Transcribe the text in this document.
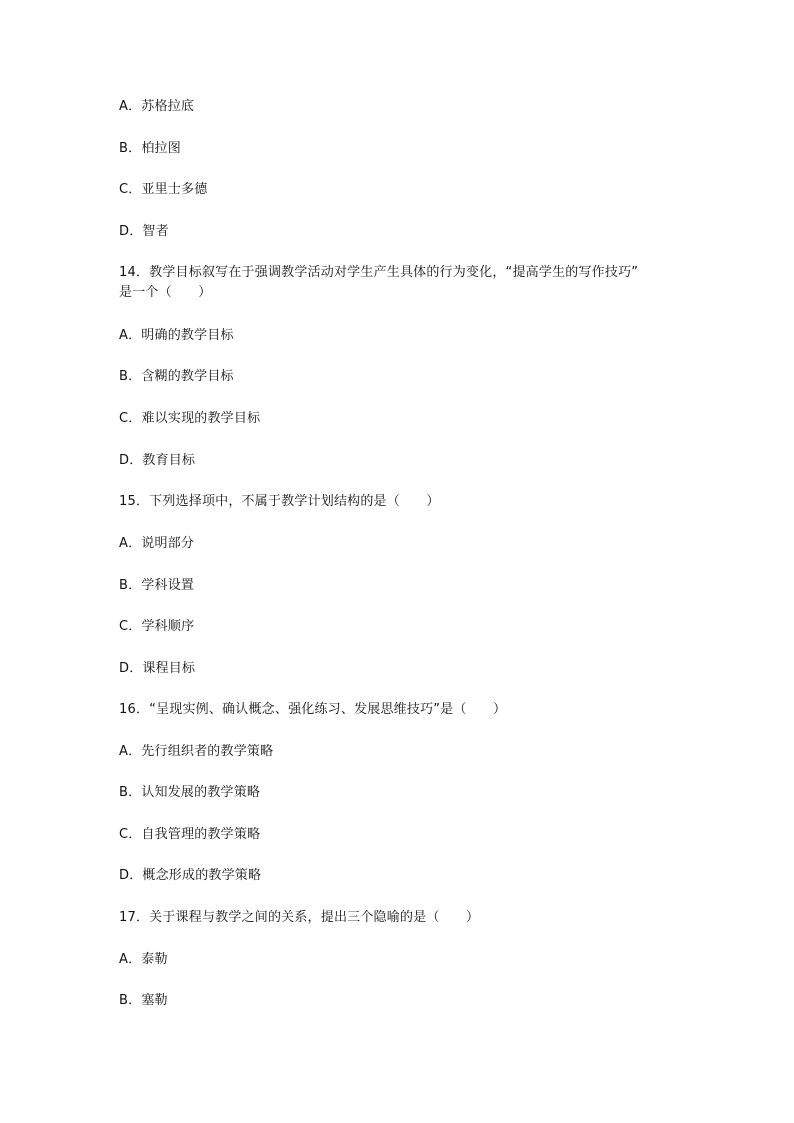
A．苏格拉底
B．柏拉图
C．亚里士多德
D．智者
14．教学目标叙写在于强调教学活动对学生产生具体的行为变化，“提高学生的写作技巧”
是一个（　　）
A．明确的教学目标
B．含糊的教学目标
C．难以实现的教学目标
D．教育目标
15．下列选择项中，不属于教学计划结构的是（　　）
A．说明部分
B．学科设置
C．学科顺序
D．课程目标
16．“呈现实例、确认概念、强化练习、发展思维技巧”是（　　）
A．先行组织者的教学策略
B．认知发展的教学策略
C．自我管理的教学策略
D．概念形成的教学策略
17．关于课程与教学之间的关系，提出三个隐喻的是（　　）
A．泰勒
B．塞勒
